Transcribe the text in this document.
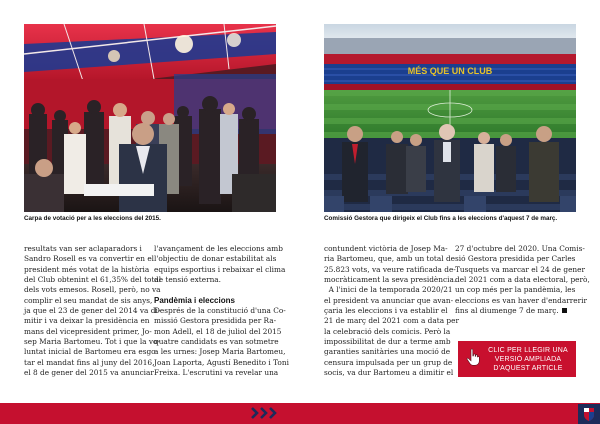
Carpa de votació per a les eleccions del 2015.
MÉS QUE UN CLUB
Comissió Gestora que dirigeix el Club fins a les eleccions d'aquest 7 de març.
resultats van ser aclaparadors i
Sandro Rosell es va convertir en el
president més votat de la història
del Club obtenint el 61,35% del total
dels vots emesos. Rosell, però, no va
complir el seu mandat de sis anys,
ja que el 23 de gener del 2014 va di-
mitir i va deixar la presidència en
mans del vicepresident primer, Jo-
sep Maria Bartomeu. Tot i que la vo-
luntat inicial de Bartomeu era esgo-
tar el mandat fins al juny del 2016,
el 8 de gener del 2015 va anunciar
l'avançament de les eleccions amb
l'objectiu de donar estabilitat als
equips esportius i rebaixar el clima
de tensió externa.
Pandèmia i eleccions
Després de la constitució d'una Co-
missió Gestora presidida per Ra-
mon Adell, el 18 de juliol del 2015
quatre candidats es van sotmetre
a les urnes: Josep Maria Bartomeu,
Joan Laporta, Agustí Benedito i Toni
Freixa. L'escrutini va revelar una
contundent victòria de Josep Ma-
ria Bartomeu, que, amb un total de
25.823 vots, va veure ratificada de-
mocràticament la seva presidència.
A l'inici de la temporada 2020/21
el president va anunciar que avan-
çaria les eleccions i va establir el
21 de març del 2021 com a data per
la celebració dels comicis. Però la
impossibilitat de dur a terme amb
garanties sanitàries una moció de
censura impulsada per un grup de
socis, va dur Bartomeu a dimitir el
27 d'octubre del 2020. Una Comis-
sió Gestora presidida per Carles
Tusquets va marcar el 24 de gener
del 2021 com a data electoral, però,
un cop més per la pandèmia, les
eleccions es van haver d'endarrerir
fins al diumenge 7 de març.
CLIC PER LLEGIR UNA
VERSIÓ AMPLIADA
D'AQUEST ARTICLE
